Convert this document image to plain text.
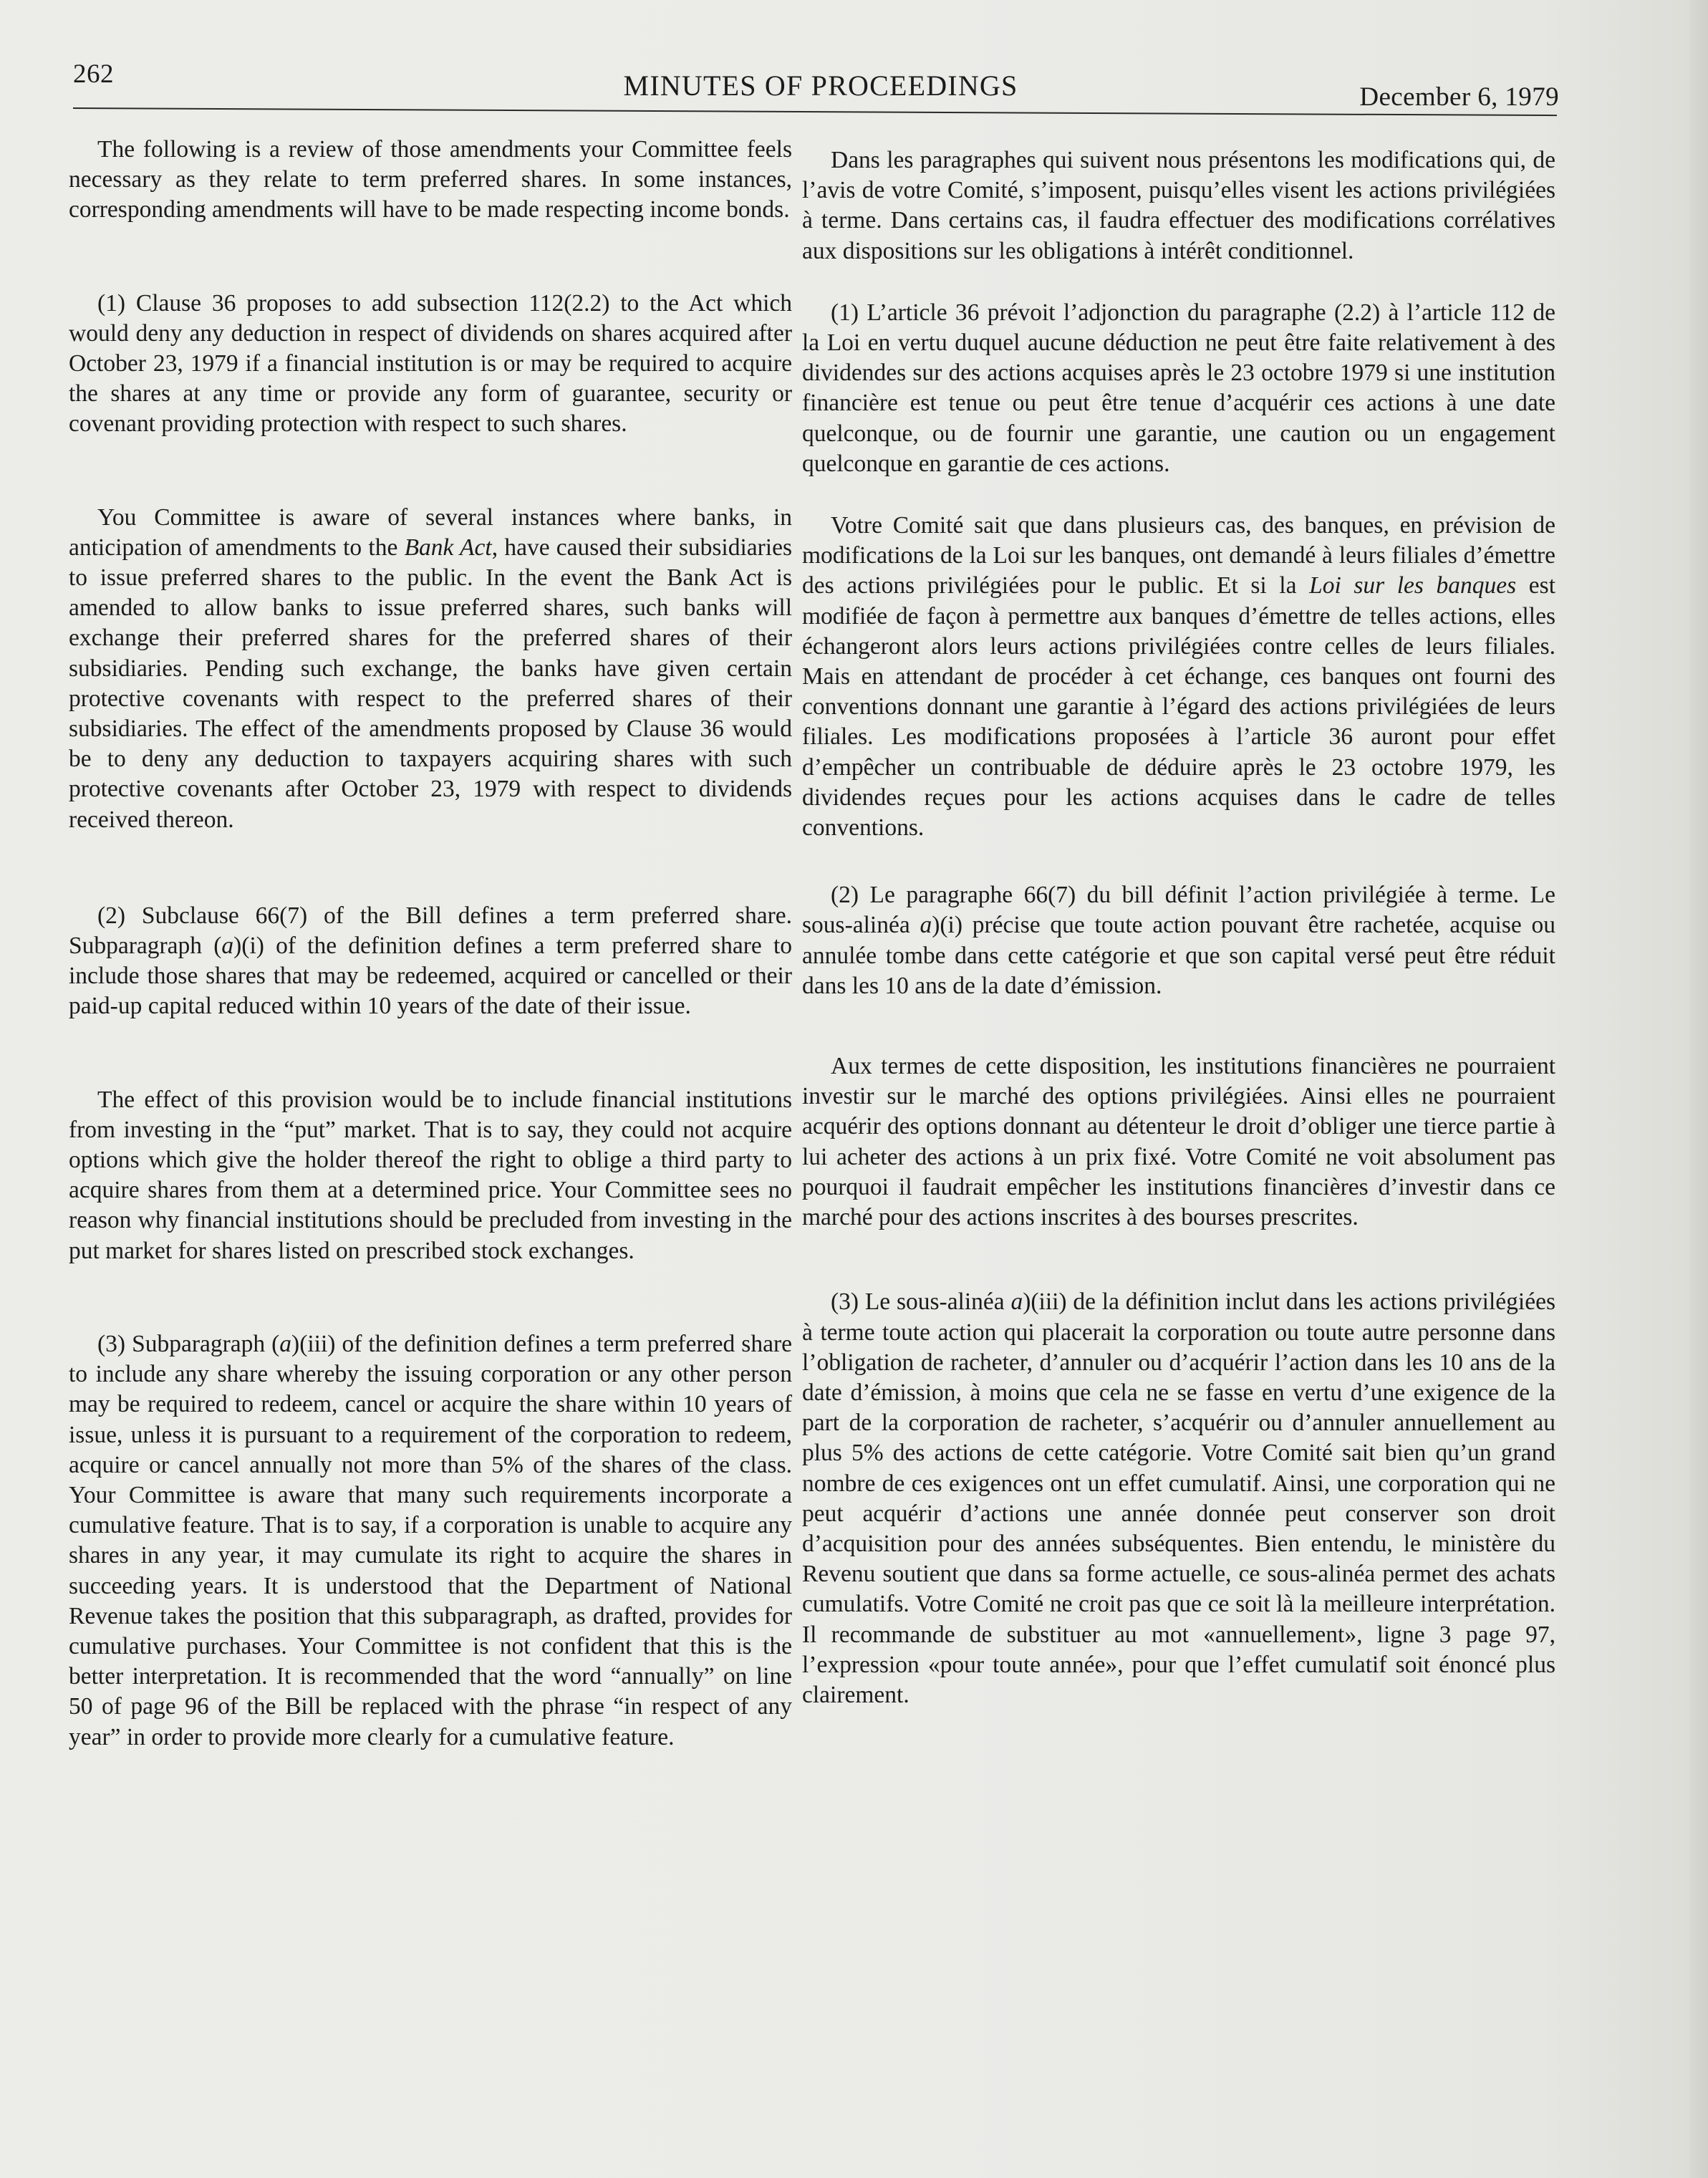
262	MINUTES OF PROCEEDINGS	December 6, 1979

The following is a review of those amendments your Committee feels necessary as they relate to term preferred shares. In some instances, corresponding amendments will have to be made respecting income bonds.

(1) Clause 36 proposes to add subsection 112(2.2) to the Act which would deny any deduction in respect of dividends on shares acquired after October 23, 1979 if a financial institution is or may be required to acquire the shares at any time or provide any form of guarantee, security or covenant providing protection with respect to such shares.

You Committee is aware of several instances where banks, in anticipation of amendments to the Bank Act, have caused their subsidiaries to issue preferred shares to the public. In the event the Bank Act is amended to allow banks to issue preferred shares, such banks will exchange their preferred shares for the preferred shares of their subsidiaries. Pending such exchange, the banks have given certain protective covenants with respect to the preferred shares of their subsidiaries. The effect of the amendments proposed by Clause 36 would be to deny any deduction to taxpayers acquiring shares with such protective covenants after October 23, 1979 with respect to dividends received thereon.

(2) Subclause 66(7) of the Bill defines a term preferred share. Subparagraph (a)(i) of the definition defines a term preferred share to include those shares that may be redeemed, acquired or cancelled or their paid-up capital reduced within 10 years of the date of their issue.

The effect of this provision would be to include financial institutions from investing in the “put” market. That is to say, they could not acquire options which give the holder thereof the right to oblige a third party to acquire shares from them at a determined price. Your Committee sees no reason why financial institutions should be precluded from investing in the put market for shares listed on prescribed stock exchanges.

(3) Subparagraph (a)(iii) of the definition defines a term preferred share to include any share whereby the issuing corporation or any other person may be required to redeem, cancel or acquire the share within 10 years of issue, unless it is pursuant to a requirement of the corporation to redeem, acquire or cancel annually not more than 5% of the shares of the class. Your Committee is aware that many such requirements incorporate a cumulative feature. That is to say, if a corporation is unable to acquire any shares in any year, it may cumulate its right to acquire the shares in succeeding years. It is understood that the Department of National Revenue takes the position that this subparagraph, as drafted, provides for cumulative purchases. Your Committee is not confident that this is the better interpretation. It is recommended that the word “annually” on line 50 of page 96 of the Bill be replaced with the phrase “in respect of any year” in order to provide more clearly for a cumulative feature.

Dans les paragraphes qui suivent nous présentons les modifications qui, de l’avis de votre Comité, s’imposent, puisqu’elles visent les actions privilégiées à terme. Dans certains cas, il faudra effectuer des modifications corrélatives aux dispositions sur les obligations à intérêt conditionnel.

(1) L’article 36 prévoit l’adjonction du paragraphe (2.2) à l’article 112 de la Loi en vertu duquel aucune déduction ne peut être faite relativement à des dividendes sur des actions acquises après le 23 octobre 1979 si une institution financière est tenue ou peut être tenue d’acquérir ces actions à une date quelconque, ou de fournir une garantie, une caution ou un engagement quelconque en garantie de ces actions.

Votre Comité sait que dans plusieurs cas, des banques, en prévision de modifications de la Loi sur les banques, ont demandé à leurs filiales d’émettre des actions privilégiées pour le public. Et si la Loi sur les banques est modifiée de façon à permettre aux banques d’émettre de telles actions, elles échangeront alors leurs actions privilégiées contre celles de leurs filiales. Mais en attendant de procéder à cet échange, ces banques ont fourni des conventions donnant une garantie à l’égard des actions privilégiées de leurs filiales. Les modifications proposées à l’article 36 auront pour effet d’empêcher un contribuable de déduire après le 23 octobre 1979, les dividendes reçues pour les actions acquises dans le cadre de telles conventions.

(2) Le paragraphe 66(7) du bill définit l’action privilégiée à terme. Le sous-alinéa a)(i) précise que toute action pouvant être rachetée, acquise ou annulée tombe dans cette catégorie et que son capital versé peut être réduit dans les 10 ans de la date d’émission.

Aux termes de cette disposition, les institutions financières ne pourraient investir sur le marché des options privilégiées. Ainsi elles ne pourraient acquérir des options donnant au détenteur le droit d’obliger une tierce partie à lui acheter des actions à un prix fixé. Votre Comité ne voit absolument pas pourquoi il faudrait empêcher les institutions financières d’investir dans ce marché pour des actions inscrites à des bourses prescrites.

(3) Le sous-alinéa a)(iii) de la définition inclut dans les actions privilégiées à terme toute action qui placerait la corporation ou toute autre personne dans l’obligation de racheter, d’annuler ou d’acquérir l’action dans les 10 ans de la date d’émission, à moins que cela ne se fasse en vertu d’une exigence de la part de la corporation de racheter, s’acquérir ou d’annuler annuellement au plus 5% des actions de cette catégorie. Votre Comité sait bien qu’un grand nombre de ces exigences ont un effet cumulatif. Ainsi, une corporation qui ne peut acquérir d’actions une année donnée peut conserver son droit d’acquisition pour des années subséquentes. Bien entendu, le ministère du Revenu soutient que dans sa forme actuelle, ce sous-alinéa permet des achats cumulatifs. Votre Comité ne croit pas que ce soit là la meilleure interprétation. Il recommande de substituer au mot «annuellement», ligne 3 page 97, l’expression «pour toute année», pour que l’effet cumulatif soit énoncé plus clairement.
